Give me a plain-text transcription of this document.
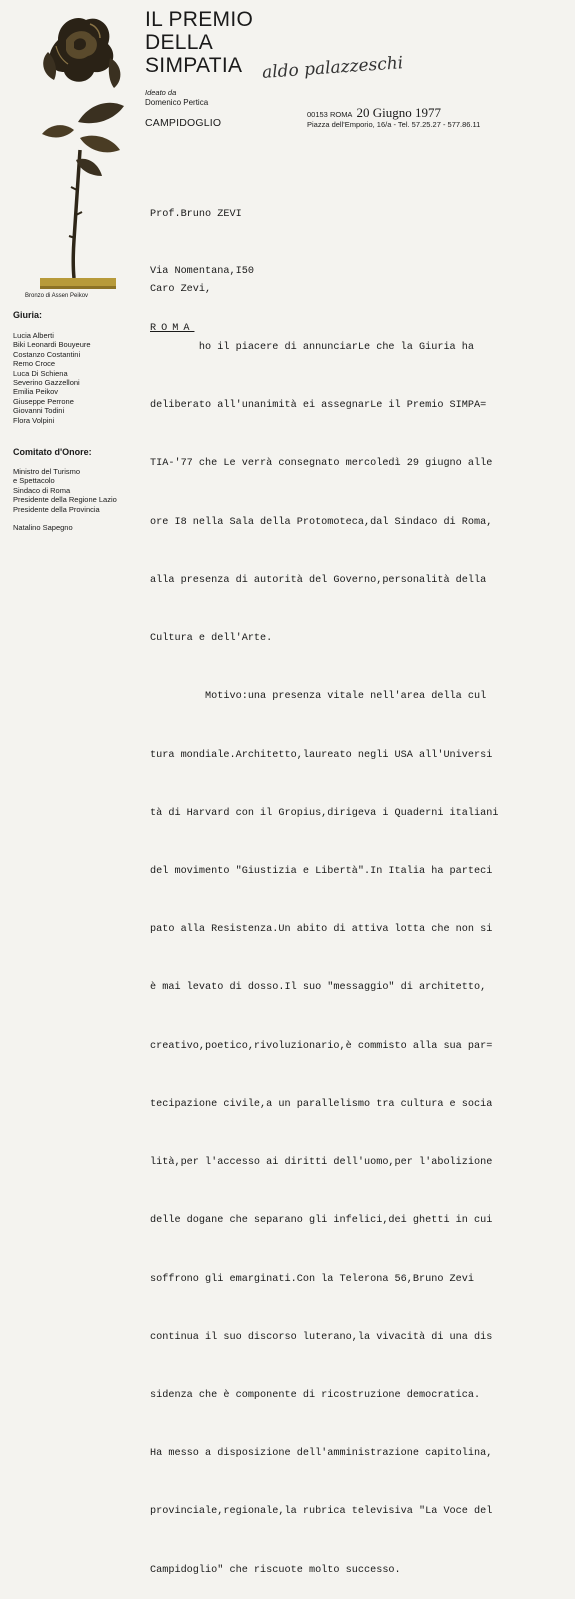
Bronzo di Assen Peikov
IL PREMIO
DELLA
SIMPATIA	aldo palazzeschi
Ideato da
Domenico Pertica
CAMPIDOGLIO
00153 ROMA 20 Giugno 1977
Piazza dell'Emporio, 16/a - Tel. 57.25.27 - 577.86.11
Giuria:
Lucia Alberti
Biki Leonardi Bouyeure
Costanzo Costantini
Remo Croce
Luca Di Schiena
Severino Gazzelloni
Emilia Peikov
Giuseppe Perrone
Giovanni Todini
Flora Volpini
Comitato d'Onore:
Ministro del Turismo
e Spettacolo
Sindaco di Roma
Presidente della Regione Lazio
Presidente della Provincia
Natalino Sapegno

Prof.Bruno ZEVI

Via Nomentana,I50

ROMA

Caro Zevi,

ho il piacere di annunciarLe che la Giuria ha

deliberato all'unanimità ei assegnarLe il Premio SIMPA=

TIA-'77 che Le verrà consegnato mercoledì 29 giugno alle

ore I8 nella Sala della Protomoteca,dal Sindaco di Roma,

alla presenza di autorità del Governo,personalità della

Cultura e dell'Arte.

Motivo:una presenza vitale nell'area della cul

tura mondiale.Architetto,laureato negli USA all'Universi

tà di Harvard con il Gropius,dirigeva i Quaderni italiani

del movimento "Giustizia e Libertà".In Italia ha parteci

pato alla Resistenza.Un abito di attiva lotta che non si

è mai levato di dosso.Il suo "messaggio" di architetto,

creativo,poetico,rivoluzionario,è commisto alla sua par=

tecipazione civile,a un parallelismo tra cultura e socia

lità,per l'accesso ai diritti dell'uomo,per l'abolizione

delle dogane che separano gli infelici,dei ghetti in cui

soffrono gli emarginati.Con la Telerona 56,Bruno Zevi

continua il suo discorso luterano,la vivacità di una dis

sidenza che è componente di ricostruzione democratica.

Ha messo a disposizione dell'amministrazione capitolina,

provinciale,regionale,la rubrica televisiva "La Voce del

Campidoglio" che riscuote molto successo.
